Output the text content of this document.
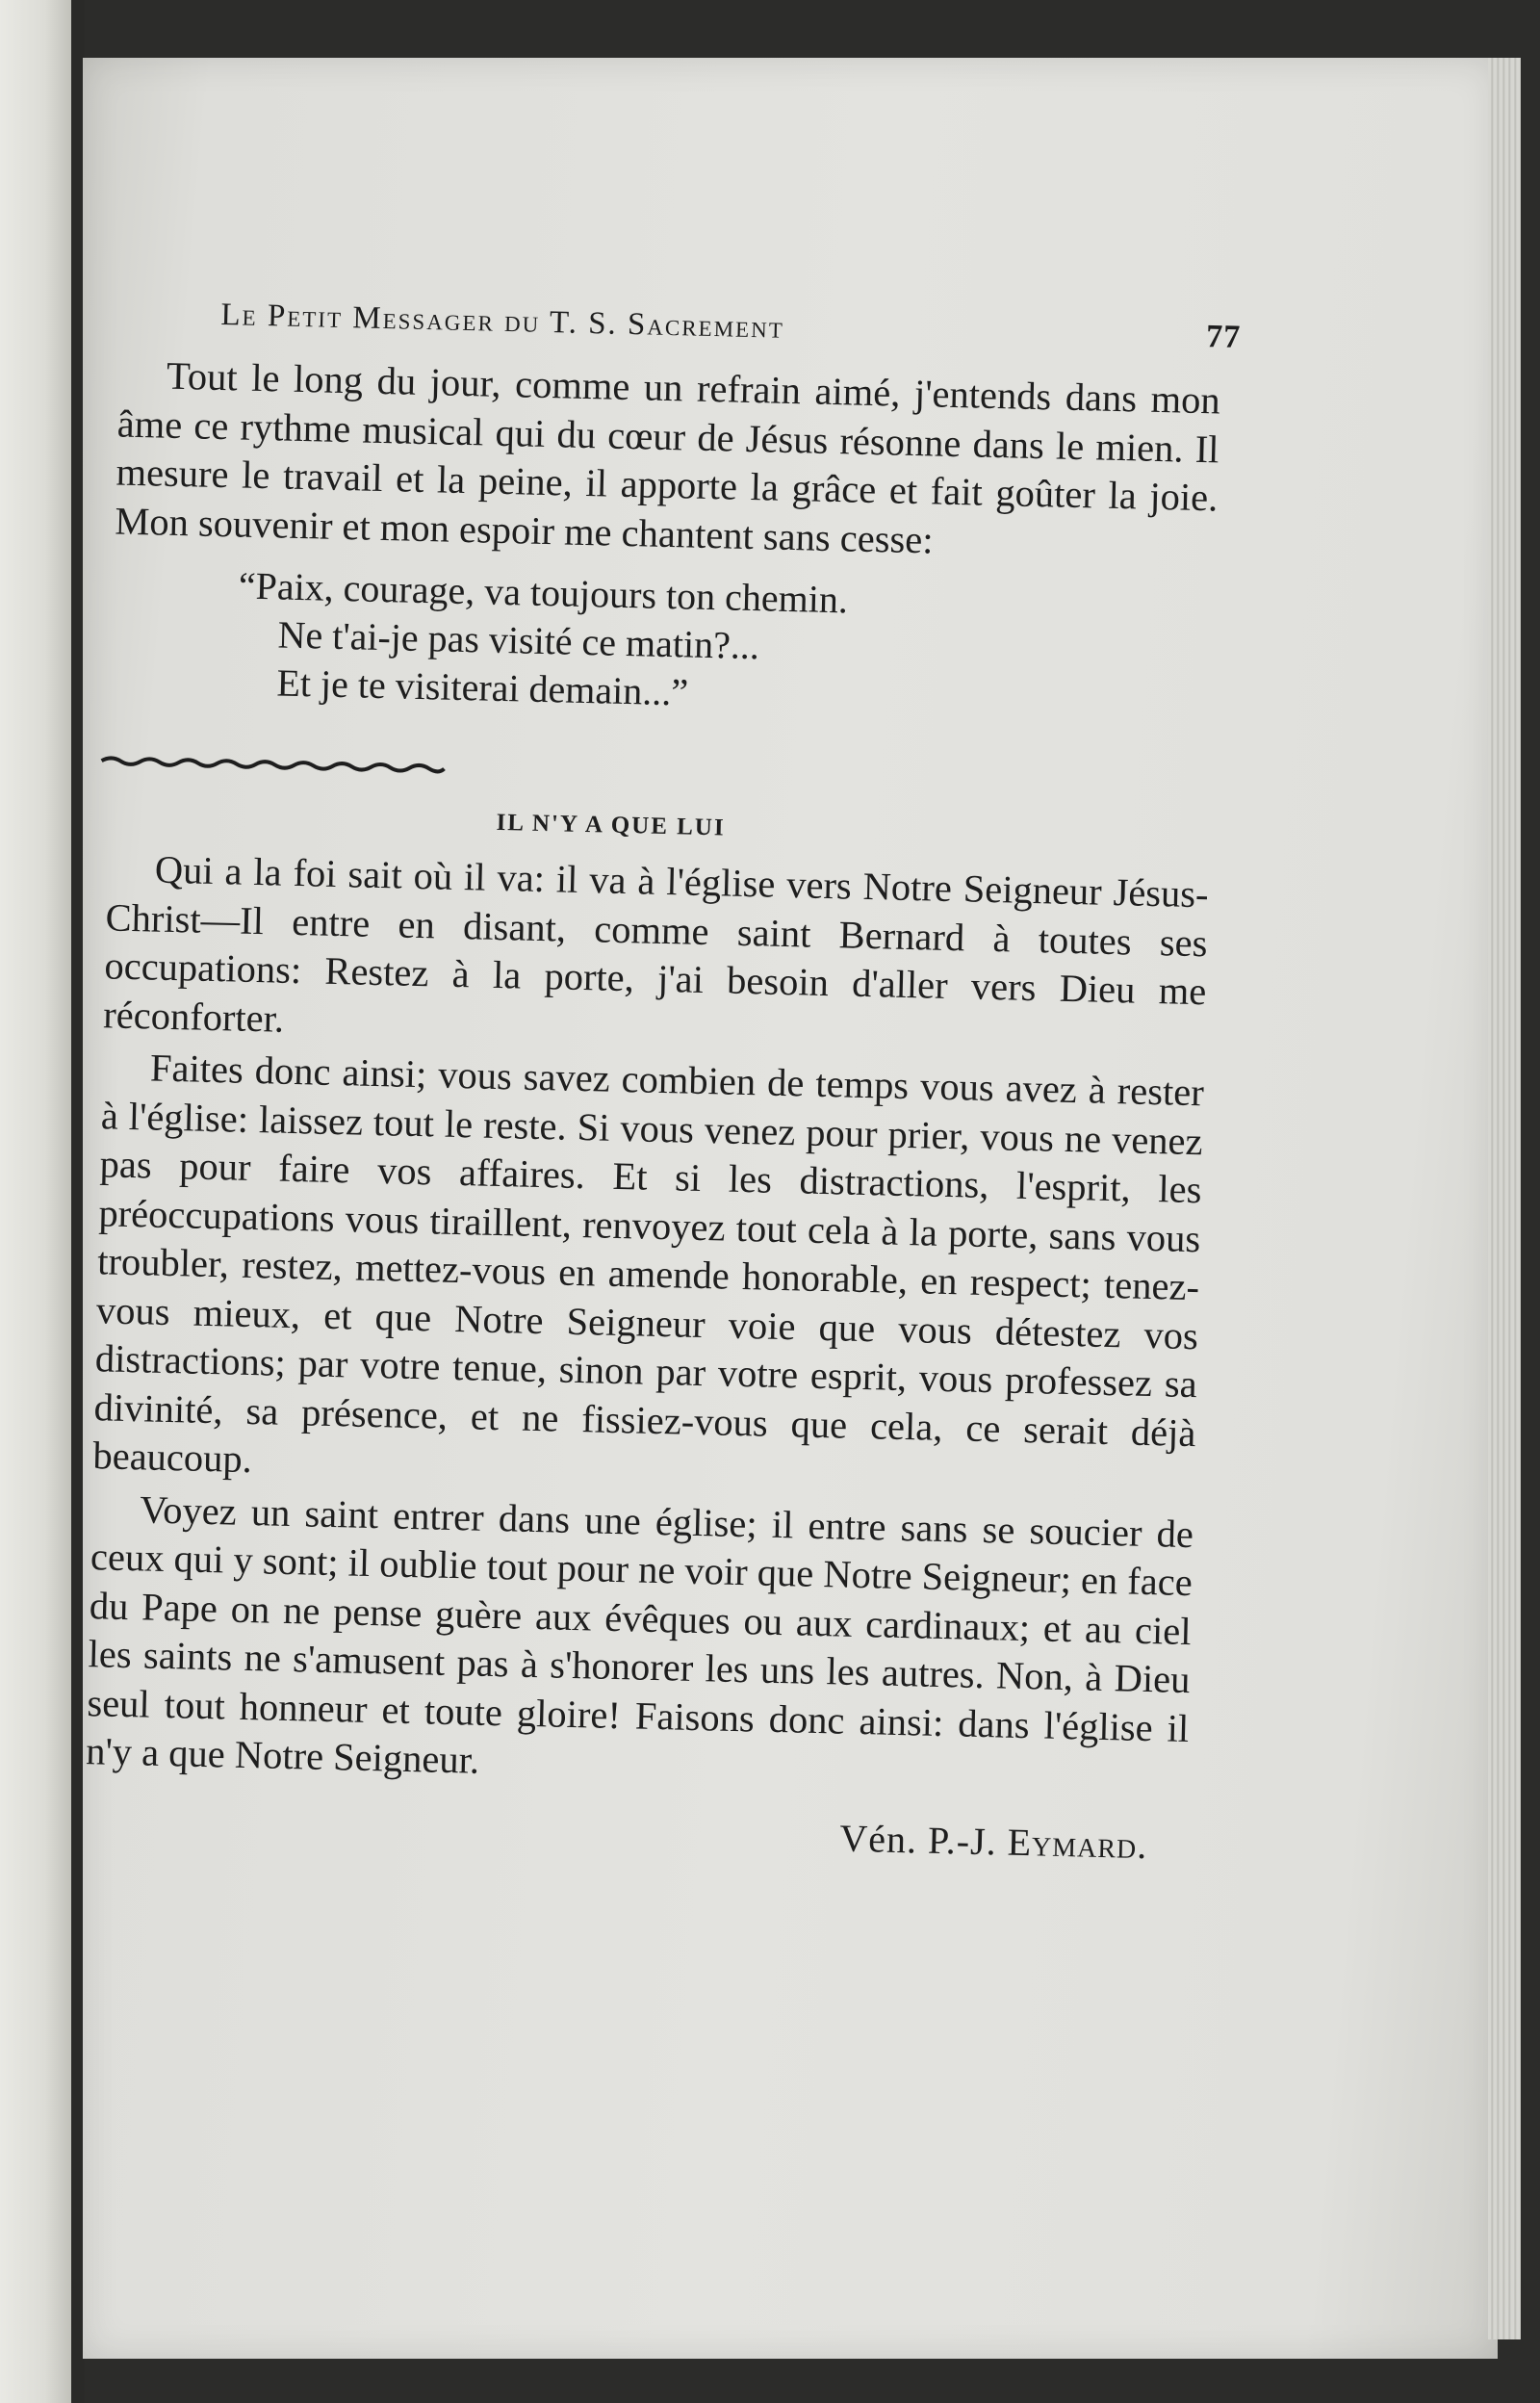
Le Petit Messager du T. S. Sacrement	77

Tout le long du jour, comme un refrain aimé, j'entends dans mon âme ce rythme musical qui du cœur de Jésus résonne dans le mien. Il mesure le travail et la peine, il apporte la grâce et fait goûter la joie. Mon souvenir et mon espoir me chantent sans cesse:

“Paix, courage, va toujours ton chemin.
Ne t'ai-je pas visité ce matin?...
Et je te visiterai demain...”
IL N'Y A QUE LUI

Qui a la foi sait où il va: il va à l'église vers Notre Seigneur Jésus-Christ—Il entre en disant, comme saint Bernard à toutes ses occupations: Restez à la porte, j'ai besoin d'aller vers Dieu me réconforter.

Faites donc ainsi; vous savez combien de temps vous avez à rester à l'église: laissez tout le reste. Si vous venez pour prier, vous ne venez pas pour faire vos affaires. Et si les distractions, l'esprit, les préoccupations vous tiraillent, renvoyez tout cela à la porte, sans vous troubler, restez, mettez-vous en amende honorable, en respect; tenez-vous mieux, et que Notre Seigneur voie que vous détestez vos distractions; par votre tenue, sinon par votre esprit, vous professez sa divinité, sa présence, et ne fissiez-vous que cela, ce serait déjà beaucoup.

Voyez un saint entrer dans une église; il entre sans se soucier de ceux qui y sont; il oublie tout pour ne voir que Notre Seigneur; en face du Pape on ne pense guère aux évêques ou aux cardinaux; et au ciel les saints ne s'amusent pas à s'honorer les uns les autres. Non, à Dieu seul tout honneur et toute gloire! Faisons donc ainsi: dans l'église il n'y a que Notre Seigneur.

Vén. P.-J. Eymard.
